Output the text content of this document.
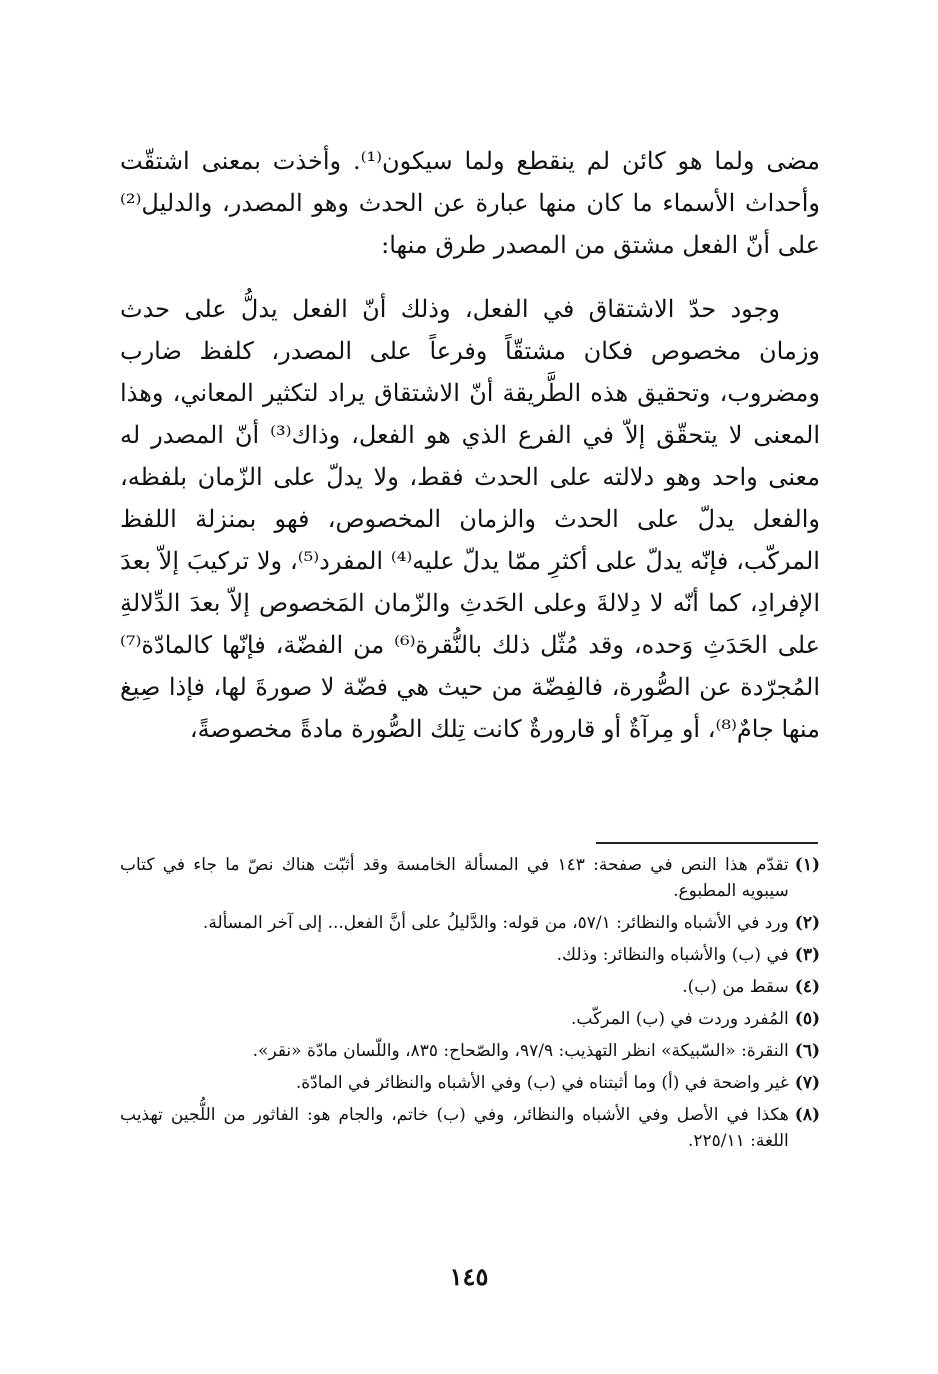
مضى ولما هو كائن لم ينقطع ولما سيكون⁽¹⁾. وأخذت بمعنى اشتقّت وأحداث الأسماء ما كان منها عبارة عن الحدث وهو المصدر، والدليل⁽²⁾ على أنّ الفعل مشتق من المصدر طرق منها:

وجود حدّ الاشتقاق في الفعل، وذلك أنّ الفعل يدلُّ على حدث وزمان مخصوص فكان مشتقّاً وفرعاً على المصدر، كلفظ ضارب ومضروب، وتحقيق هذه الطَّريقة أنّ الاشتقاق يراد لتكثير المعاني، وهذا المعنى لا يتحقّق إلاّ في الفرع الذي هو الفعل، وذاك⁽³⁾ أنّ المصدر له معنى واحد وهو دلالته على الحدث فقط، ولا يدلّ على الزّمان بلفظه، والفعل يدلّ على الحدث والزمان المخصوص، فهو بمنزلة اللفظ المركّب، فإنّه يدلّ على أكثرِ ممّا يدلّ عليه⁽⁴⁾ المفرد⁽⁵⁾، ولا تركيبَ إلاّ بعدَ الإفرادِ، كما أنّه لا دِلالةَ وعلى الحَدثِ والزّمان المَخصوص إلاّ بعدَ الدِّلالةِ على الحَدَثِ وَحده، وقد مُثّل ذلك بالنُّقرة⁽⁶⁾ من الفضّة، فإنّها كالمادّة⁽⁷⁾ المُجرّدة عن الصُّورة، فالفِضّة من حيث هي فضّة لا صورةَ لها، فإذا صِيغ منها جامٌ⁽⁸⁾، أو مِرآةٌ أو قارورةٌ كانت تِلك الصُّورة مادةً مخصوصةً،

(١)
تقدّم هذا النص في صفحة: ١٤٣ في المسألة الخامسة وقد أثبّت هناك نصّ ما جاء في كتاب سيبويه المطبوع.
(٢)
ورد في الأشباه والنظائر: ٥٧/١، من قوله: والدَّليلُ على أنَّ الفعل... إلى آخر المسألة.
(٣)
في (ب) والأشباه والنظائر: وذلك.
(٤)
سقط من (ب).
(٥)
المُفرد وردت في (ب) المركّب.
(٦)
النقرة: «السّبيكة» انظر التهذيب: ٩٧/٩، والصّحاح: ٨٣٥، واللّسان مادّة «نقر».
(٧)
غير واضحة في (أ) وما أثبتناه في (ب) وفي الأشباه والنظائر في المادّة.
(٨)
هكذا في الأصل وفي الأشباه والنظائر، وفي (ب) خاتم، والجام هو: الفاثور من اللُّجين تهذيب اللغة: ٢٢٥/١١.
١٤٥
